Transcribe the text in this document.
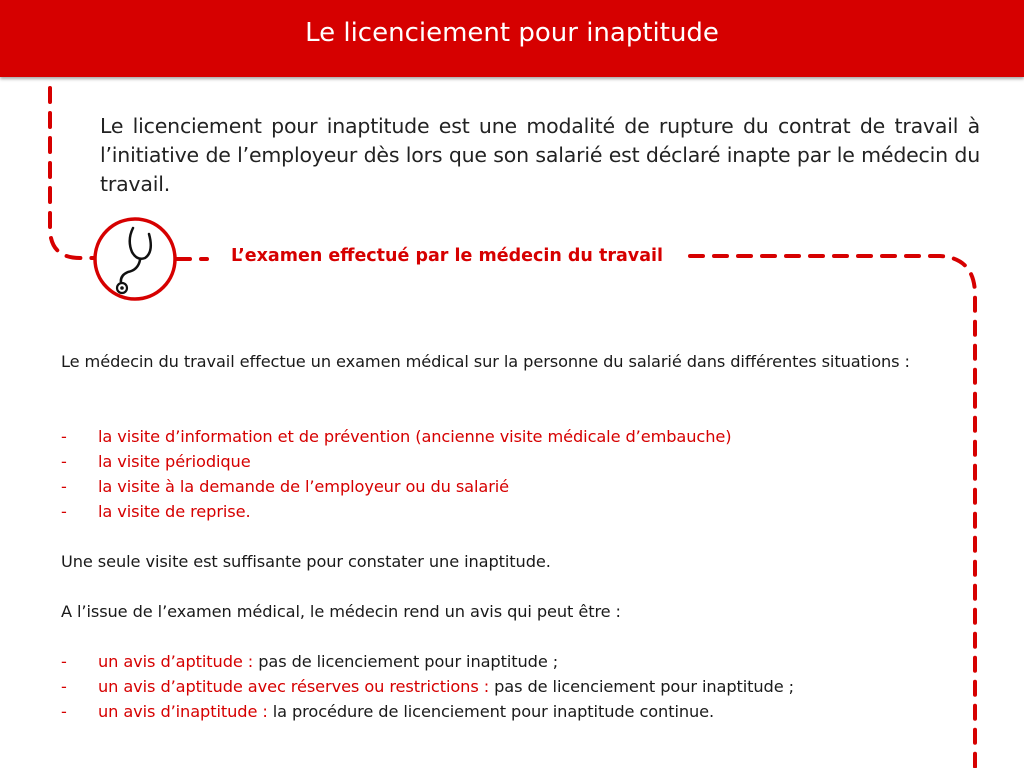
Le licenciement pour inaptitude
Le licenciement pour inaptitude est une modalité de rupture du contrat de travail à l’initiative de l’employeur dès lors que son salarié est déclaré inapte par le médecin du travail.
L’examen effectué par le médecin du travail
Le médecin du travail effectue un examen médical sur la personne du salarié dans différentes situations :
- la visite d’information et de prévention (ancienne visite médicale d’embauche)
- la visite périodique
- la visite à la demande de l’employeur ou du salarié
- la visite de reprise.
Une seule visite est suffisante pour constater une inaptitude.
A l’issue de l’examen médical, le médecin rend un avis qui peut être :
- un avis d’aptitude : pas de licenciement pour inaptitude ;
- un avis d’aptitude avec réserves ou restrictions : pas de licenciement pour inaptitude ;
- un avis d’inaptitude : la procédure de licenciement pour inaptitude continue.
